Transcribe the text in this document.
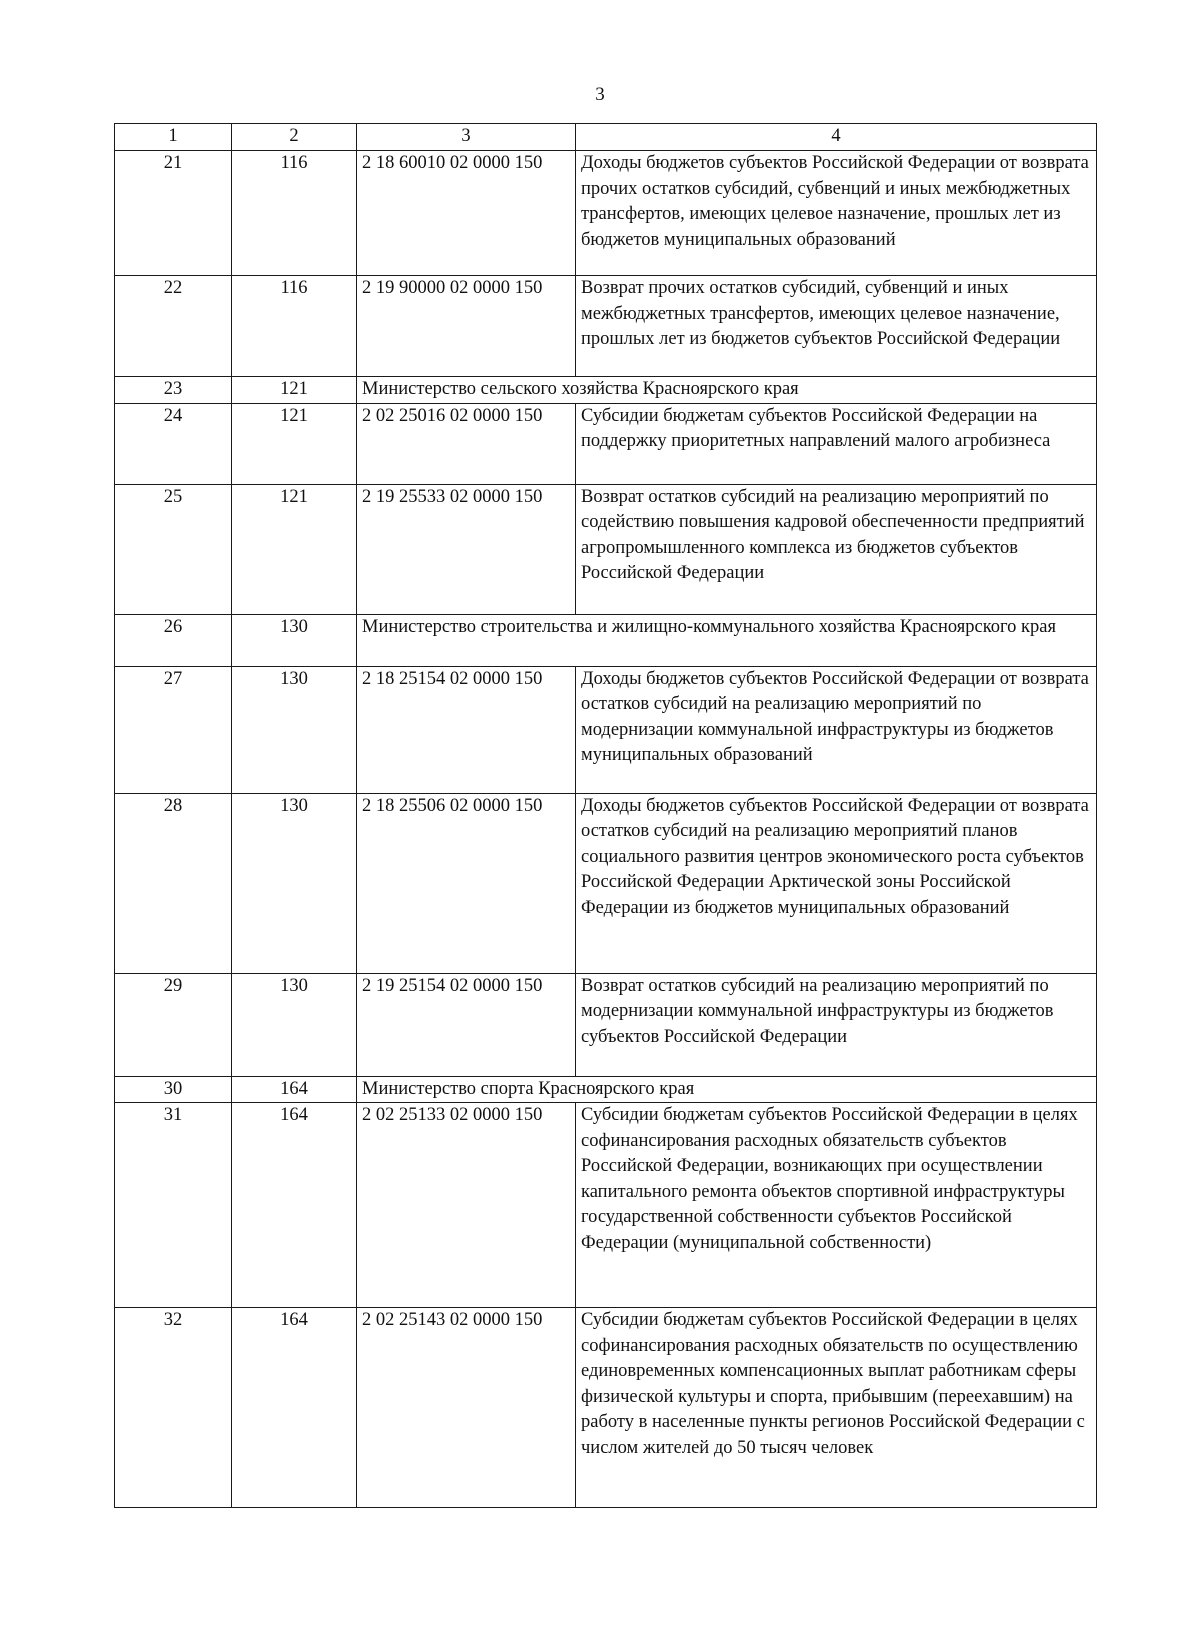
3
1	2	3	4
21	116	2 18 60010 02 0000 150	Доходы бюджетов субъектов Российской Федерации от возврата прочих остатков субсидий, субвенций и иных межбюджетных трансфертов, имеющих целевое назначение, прошлых лет из бюджетов муниципальных образований
22	116	2 19 90000 02 0000 150	Возврат прочих остатков субсидий, субвенций и иных межбюджетных трансфертов, имеющих целевое назначение, прошлых лет из бюджетов субъектов Российской Федерации
23	121	Министерство сельского хозяйства Красноярского края	
24	121	2 02 25016 02 0000 150	Субсидии бюджетам субъектов Российской Федерации на поддержку приоритетных направлений малого агробизнеса
25	121	2 19 25533 02 0000 150	Возврат остатков субсидий на реализацию мероприятий по содействию повышения кадровой обеспеченности предприятий агропромышленного комплекса из бюджетов субъектов Российской Федерации
26	130	Министерство строительства и жилищно-коммунального хозяйства Красноярского края	
27	130	2 18 25154 02 0000 150	Доходы бюджетов субъектов Российской Федерации от возврата остатков субсидий на реализацию мероприятий по модернизации коммунальной инфраструктуры из бюджетов муниципальных образований
28	130	2 18 25506 02 0000 150	Доходы бюджетов субъектов Российской Федерации от возврата остатков субсидий на реализацию мероприятий планов социального развития центров экономического роста субъектов Российской Федерации Арктической зоны Российской Федерации из бюджетов муниципальных образований
29	130	2 19 25154 02 0000 150	Возврат остатков субсидий на реализацию мероприятий по модернизации коммунальной инфраструктуры из бюджетов субъектов Российской Федерации
30	164	Министерство спорта Красноярского края	
31	164	2 02 25133 02 0000 150	Субсидии бюджетам субъектов Российской Федерации в целях софинансирования расходных обязательств субъектов Российской Федерации, возникающих при осуществлении капитального ремонта объектов спортивной инфраструктуры государственной собственности субъектов Российской Федерации (муниципальной собственности)
32	164	2 02 25143 02 0000 150	Субсидии бюджетам субъектов Российской Федерации в целях софинансирования расходных обязательств по осуществлению единовременных компенсационных выплат работникам сферы физической культуры и спорта, прибывшим (переехавшим) на работу в населенные пункты регионов Российской Федерации с числом жителей до 50 тысяч человек
